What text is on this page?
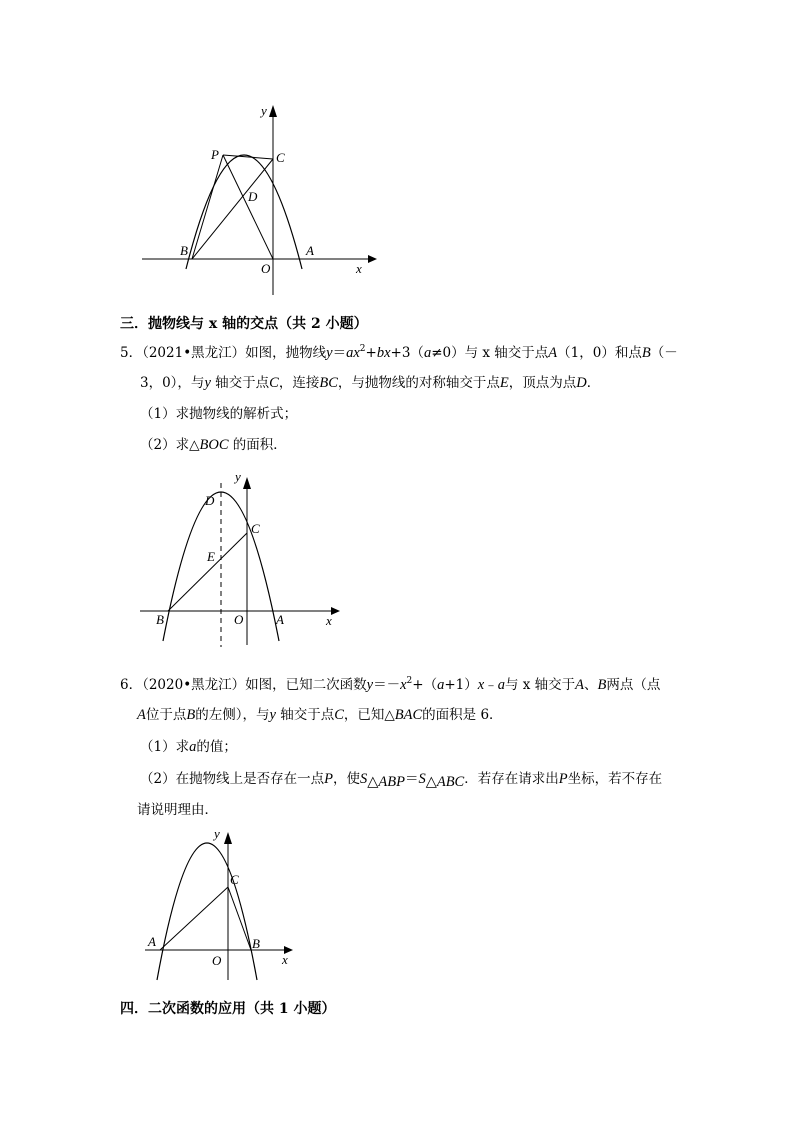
y
x
P	C
D
B	A
O
三．抛物线与 x 轴的交点（共 2 小题）
5．（2021•黑龙江）如图，抛物线$y=ax^2+bx+3(a\ne 0)$与 x 轴交于点A（1，0）和点B（－
3，0），与y 轴交于点C，连接BC，与抛物线的对称轴交于点E，顶点为点D．
（1）求抛物线的解析式；
（2）求△BOC 的面积．
y
x
D
C
E
B	O	A
6．（2020•黑龙江）如图，已知二次函数$y=-x^2+(a+1)x﹣a$与 x 轴交于A、B两点（点
A位于点B的左侧），与y 轴交于点C，已知△BAC的面积是 6．
（1）求a的值；
（2）在抛物线上是否存在一点P，使$S_{\triangle ABP}=S_{\triangle ABC}$．若存在请求出P坐标，若不存在
请说明理由．
y
x
C
A	B
O
四．二次函数的应用（共 1 小题）
